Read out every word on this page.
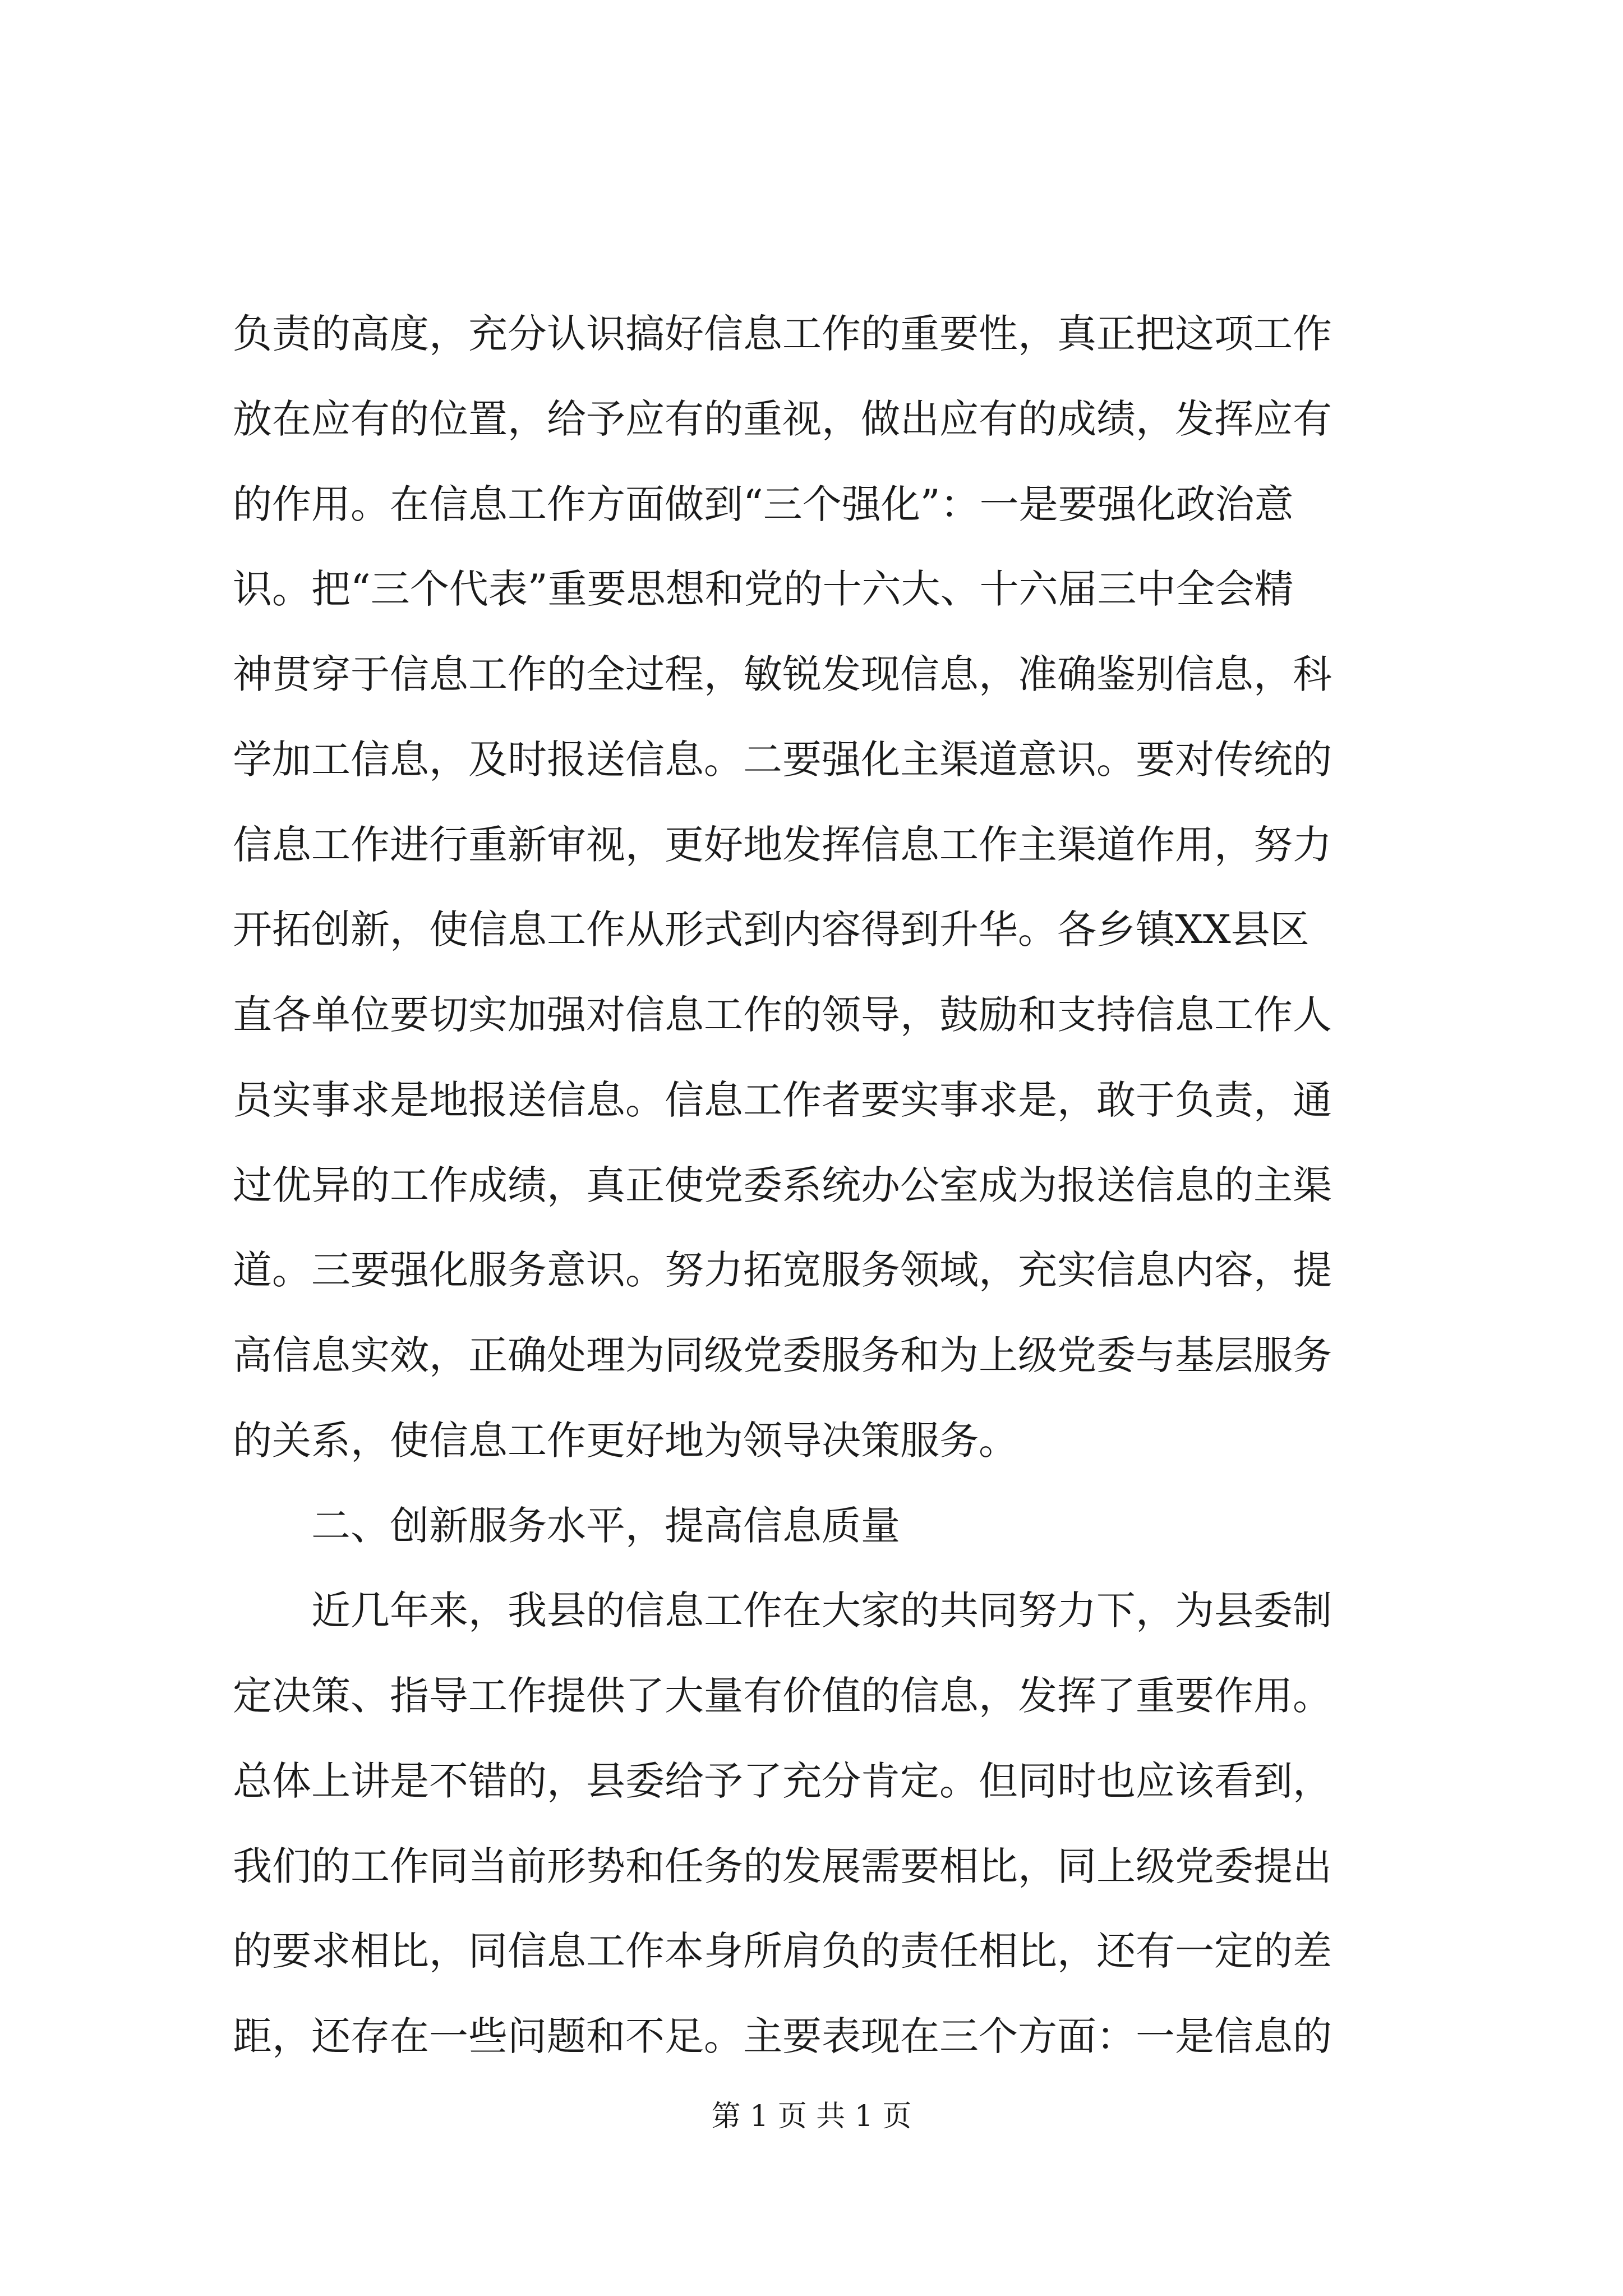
负责的高度，充分认识搞好信息工作的重要性，真正把这项工作
放在应有的位置，给予应有的重视，做出应有的成绩，发挥应有
的作用。在信息工作方面做到“三个强化”：一是要强化政治意
识。把“三个代表”重要思想和党的十六大、十六届三中全会精
神贯穿于信息工作的全过程，敏锐发现信息，准确鉴别信息，科
学加工信息，及时报送信息。二要强化主渠道意识。要对传统的
信息工作进行重新审视，更好地发挥信息工作主渠道作用，努力
开拓创新，使信息工作从形式到内容得到升华。各乡镇XX县区
直各单位要切实加强对信息工作的领导，鼓励和支持信息工作人
员实事求是地报送信息。信息工作者要实事求是，敢于负责，通
过优异的工作成绩，真正使党委系统办公室成为报送信息的主渠
道。三要强化服务意识。努力拓宽服务领域，充实信息内容，提
高信息实效，正确处理为同级党委服务和为上级党委与基层服务
的关系，使信息工作更好地为领导决策服务。
二、创新服务水平，提高信息质量
近几年来，我县的信息工作在大家的共同努力下，为县委制
定决策、指导工作提供了大量有价值的信息，发挥了重要作用。
总体上讲是不错的，县委给予了充分肯定。但同时也应该看到，
我们的工作同当前形势和任务的发展需要相比，同上级党委提出
的要求相比，同信息工作本身所肩负的责任相比，还有一定的差
距，还存在一些问题和不足。主要表现在三个方面：一是信息的
第 1 页 共 1 页
